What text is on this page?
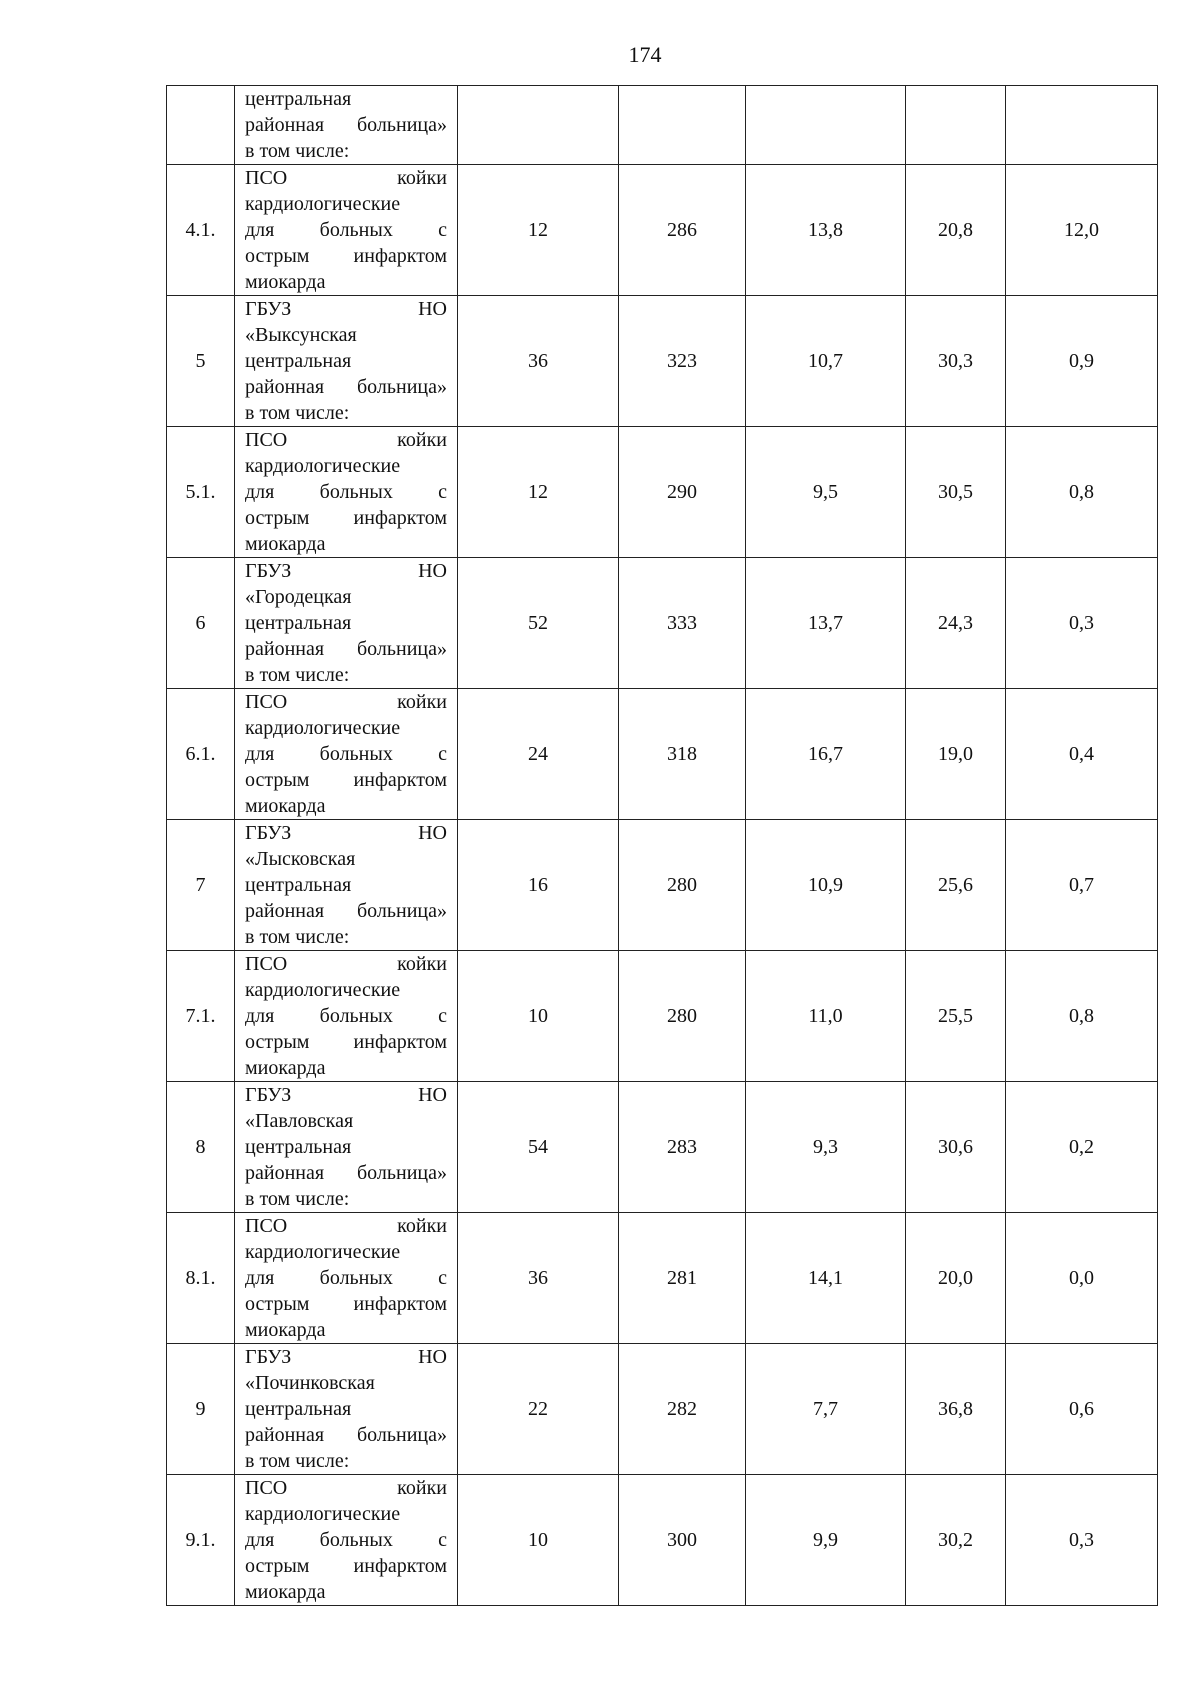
174

	центральная
районная больница»
в том числе:					

4.1.	ПСО койки
кардиологические
для больных с
острым инфарктом
миокарда	12	286	13,8	20,8	12,0
5	ГБУЗ НО
«Выксунская
центральная
районная больница»
в том числе:	36	323	10,7	30,3	0,9
5.1.	ПСО койки
кардиологические
для больных с
острым инфарктом
миокарда	12	290	9,5	30,5	0,8
6	ГБУЗ НО
«Городецкая
центральная
районная больница»
в том числе:	52	333	13,7	24,3	0,3
6.1.	ПСО койки
кардиологические
для больных с
острым инфарктом
миокарда	24	318	16,7	19,0	0,4
7	ГБУЗ НО
«Лысковская
центральная
районная больница»
в том числе:	16	280	10,9	25,6	0,7
7.1.	ПСО койки
кардиологические
для больных с
острым инфарктом
миокарда	10	280	11,0	25,5	0,8
8	ГБУЗ НО
«Павловская
центральная
районная больница»
в том числе:	54	283	9,3	30,6	0,2
8.1.	ПСО койки
кардиологические
для больных с
острым инфарктом
миокарда	36	281	14,1	20,0	0,0
9	ГБУЗ НО
«Починковская
центральная
районная больница»
в том числе:	22	282	7,7	36,8	0,6
9.1.	ПСО койки
кардиологические
для больных с
острым инфарктом
миокарда	10	300	9,9	30,2	0,3
